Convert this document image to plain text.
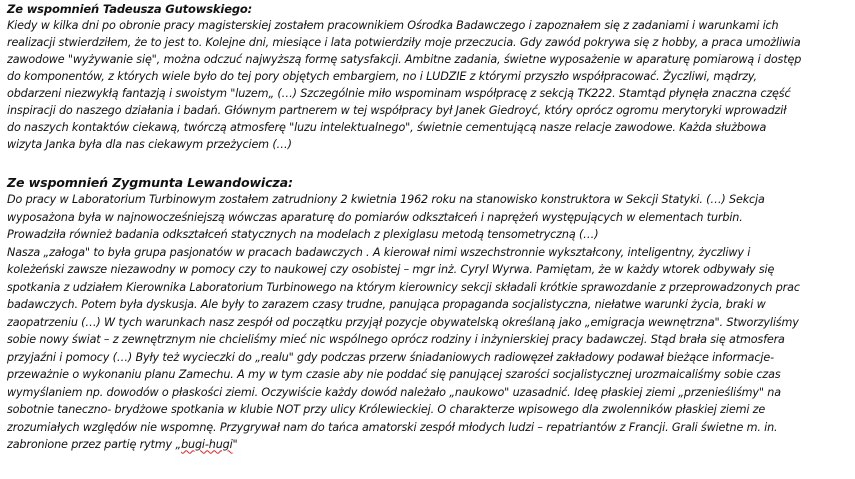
Ze wspomnień Tadeusza Gutowskiego:
Kiedy w kilka dni po obronie pracy magisterskiej zostałem pracownikiem Ośrodka Badawczego i zapoznałem się z zadaniami i warunkami ich
realizacji stwierdziłem, że to jest to. Kolejne dni, miesiące i lata potwierdziły moje przeczucia. Gdy zawód pokrywa się z hobby, a praca umożliwia
zawodowe "wyżywanie się", można odczuć najwyższą formę satysfakcji. Ambitne zadania, świetne wyposażenie w aparaturę pomiarową i dostęp
do komponentów, z których wiele było do tej pory objętych embargiem, no i LUDZIE z którymi przyszło współpracować. Życzliwi, mądrzy,
obdarzeni niezwykłą fantazją i swoistym "luzem„ (…) Szczególnie miło wspominam współpracę z sekcją TK222. Stamtąd płynęła znaczna część
inspiracji do naszego działania i badań. Głównym partnerem w tej współpracy był Janek Giedroyć, który oprócz ogromu merytoryki wprowadził
do naszych kontaktów ciekawą, twórczą atmosferę "luzu intelektualnego", świetnie cementującą nasze relacje zawodowe. Każda służbowa
wizyta Janka była dla nas ciekawym przeżyciem (…)
Ze wspomnień Zygmunta Lewandowicza:
Do pracy w Laboratorium Turbinowym zostałem zatrudniony 2 kwietnia 1962 roku na stanowisko konstruktora w Sekcji Statyki. (…) Sekcja
wyposażona była w najnowocześniejszą wówczas aparaturę do pomiarów odkształceń i naprężeń występujących w elementach turbin.
Prowadziła również badania odkształceń statycznych na modelach z plexiglasu metodą tensometryczną (…)
Nasza „załoga" to była grupa pasjonatów w pracach badawczych . A kierował nimi wszechstronnie wykształcony, inteligentny, życzliwy i
koleżeński zawsze niezawodny w pomocy czy to naukowej czy osobistej – mgr inż. Cyryl Wyrwa. Pamiętam, że w każdy wtorek odbywały się
spotkania z udziałem Kierownika Laboratorium Turbinowego na którym kierownicy sekcji składali krótkie sprawozdanie z przeprowadzonych prac
badawczych. Potem była dyskusja. Ale były to zarazem czasy trudne, panująca propaganda socjalistyczna, niełatwe warunki życia, braki w
zaopatrzeniu (…) W tych warunkach nasz zespół od początku przyjął pozycje obywatelską określaną jako „emigracja wewnętrzna". Stworzyliśmy
sobie nowy świat – z zewnętrznym nie chcieliśmy mieć nic wspólnego oprócz rodziny i inżynierskiej pracy badawczej. Stąd brała się atmosfera
przyjaźni i pomocy (…) Były też wycieczki do „realu" gdy podczas przerw śniadaniowych radiowęzeł zakładowy podawał bieżące informacje-
przeważnie o wykonaniu planu Zamechu. A my w tym czasie aby nie poddać się panującej szarości socjalistycznej urozmaicaliśmy sobie czas
wymyślaniem np. dowodów o płaskości ziemi. Oczywiście każdy dowód należało „naukowo" uzasadnić. Ideę płaskiej ziemi „przenieśliśmy" na
sobotnie taneczno- brydżowe spotkania w klubie NOT przy ulicy Królewieckiej. O charakterze wpisowego dla zwolenników płaskiej ziemi ze
zrozumiałych względów nie wspomnę. Przygrywał nam do tańca amatorski zespół młodych ludzi – repatriantów z Francji. Grali świetne m. in.
zabronione przez partię rytmy „bugi-hugi"
